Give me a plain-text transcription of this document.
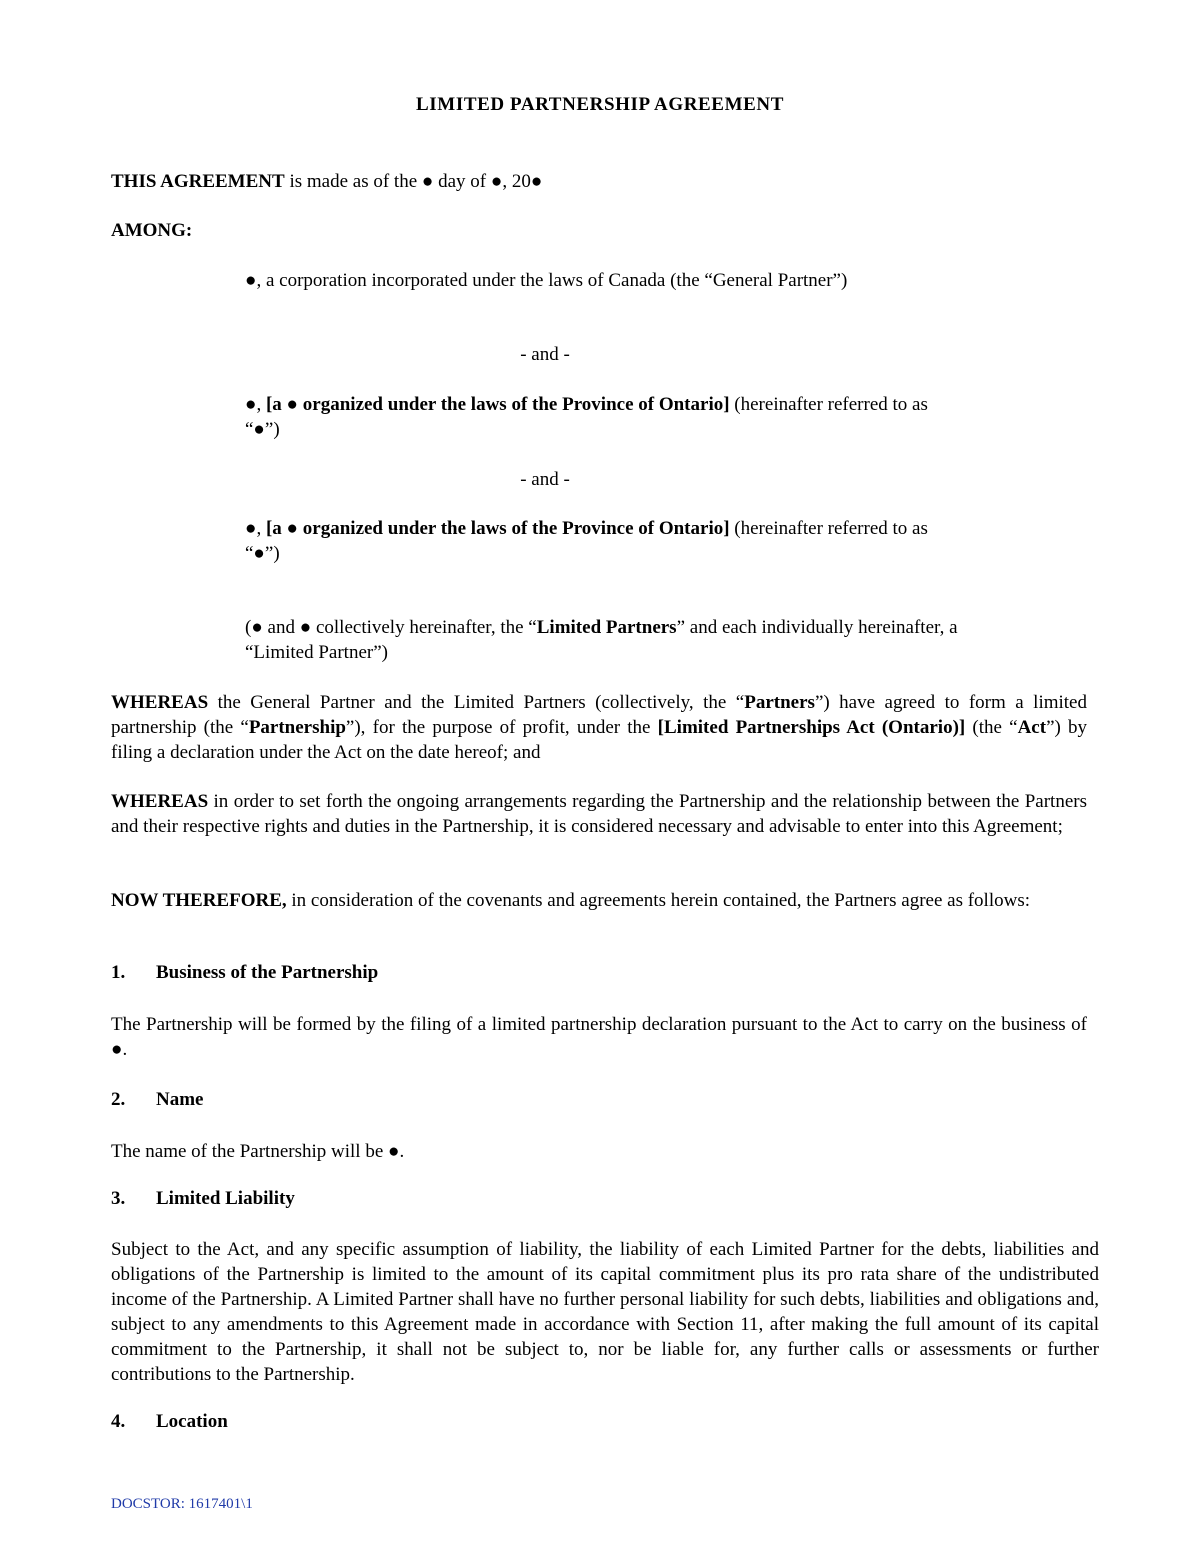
LIMITED PARTNERSHIP AGREEMENT
THIS AGREEMENT is made as of the ● day of ●, 20●
AMONG:
●, a corporation incorporated under the laws of Canada (the “General Partner”)
- and -
●, [a ● organized under the laws of the Province of Ontario] (hereinafter referred to as “●”)
- and -
●, [a ● organized under the laws of the Province of Ontario] (hereinafter referred to as “●”)
(● and ● collectively hereinafter, the “Limited Partners” and each individually hereinafter, a “Limited Partner”)
WHEREAS the General Partner and the Limited Partners (collectively, the “Partners”) have agreed to form a limited partnership (the “Partnership”), for the purpose of profit, under the [Limited Partnerships Act (Ontario)] (the “Act”) by filing a declaration under the Act on the date hereof; and
WHEREAS in order to set forth the ongoing arrangements regarding the Partnership and the relationship between the Partners and their respective rights and duties in the Partnership, it is considered necessary and advisable to enter into this Agreement;
NOW THEREFORE, in consideration of the covenants and agreements herein contained, the Partners agree as follows:
1. Business of the Partnership
The Partnership will be formed by the filing of a limited partnership declaration pursuant to the Act to carry on the business of ●.
2. Name
The name of the Partnership will be ●.
3. Limited Liability
Subject to the Act, and any specific assumption of liability, the liability of each Limited Partner for the debts, liabilities and obligations of the Partnership is limited to the amount of its capital commitment plus its pro rata share of the undistributed income of the Partnership. A Limited Partner shall have no further personal liability for such debts, liabilities and obligations and, subject to any amendments to this Agreement made in accordance with Section 11, after making the full amount of its capital commitment to the Partnership, it shall not be subject to, nor be liable for, any further calls or assessments or further contributions to the Partnership.
4. Location
DOCSTOR: 1617401\1
